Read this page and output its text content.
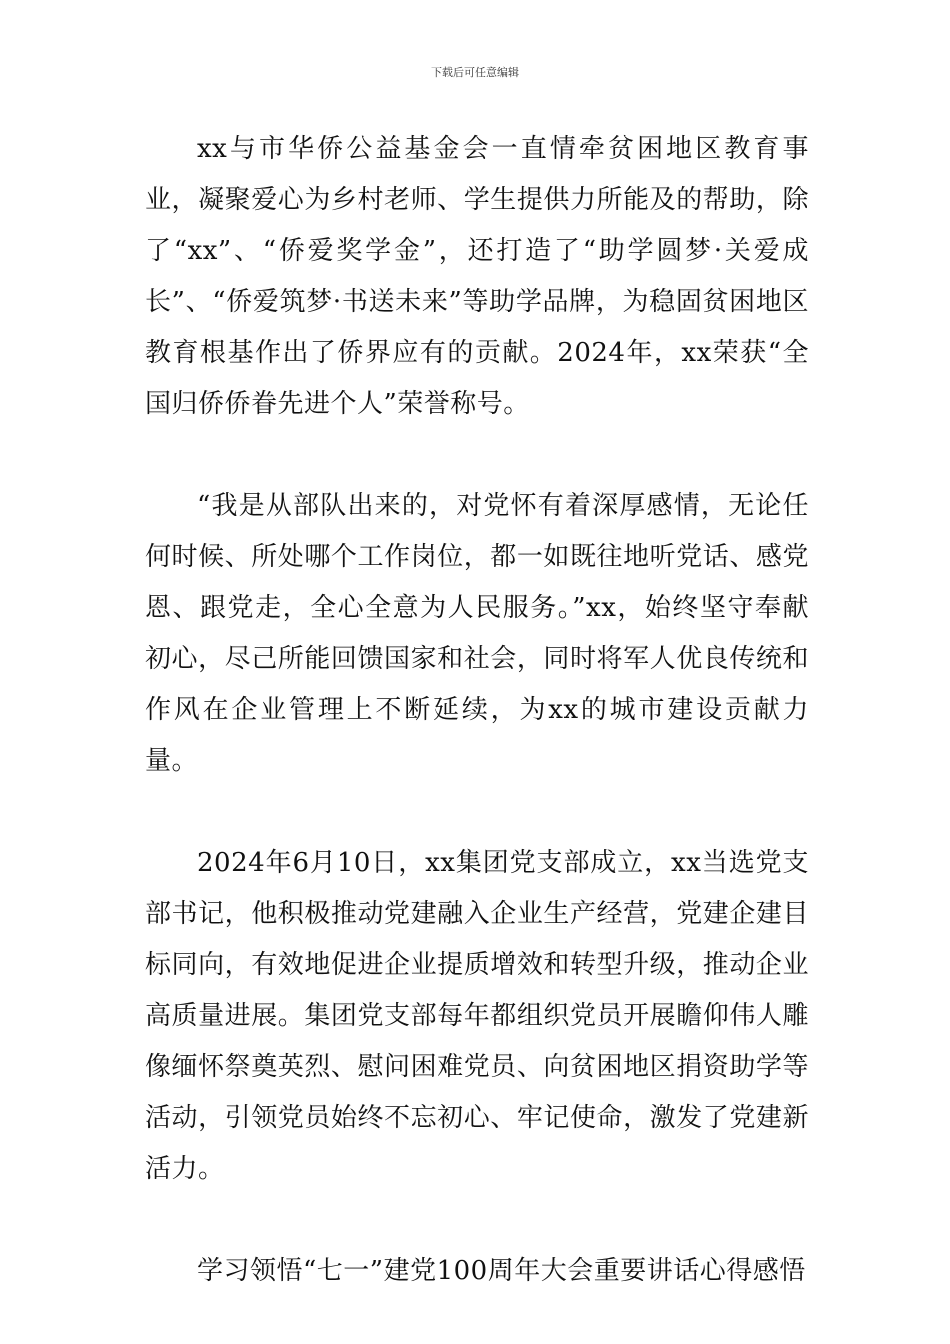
下载后可任意编辑

xx与市华侨公益基金会一直情牵贫困地区教育事业，凝聚爱心为乡村老师、学生提供力所能及的帮助，除了“xx”、“侨爱奖学金”，还打造了“助学圆梦·关爱成长”、“侨爱筑梦·书送未来”等助学品牌，为稳固贫困地区教育根基作出了侨界应有的贡献。2024年，xx荣获“全国归侨侨眷先进个人”荣誉称号。

“我是从部队出来的，对党怀有着深厚感情，无论任何时候、所处哪个工作岗位，都一如既往地听党话、感党恩、跟党走，全心全意为人民服务。”xx，始终坚守奉献初心，尽己所能回馈国家和社会，同时将军人优良传统和作风在企业管理上不断延续，为xx的城市建设贡献力量。

2024年6月10日，xx集团党支部成立，xx当选党支部书记，他积极推动党建融入企业生产经营，党建企建目标同向，有效地促进企业提质增效和转型升级，推动企业高质量进展。集团党支部每年都组织党员开展瞻仰伟人雕像缅怀祭奠英烈、慰问困难党员、向贫困地区捐资助学等活动，引领党员始终不忘初心、牢记使命，激发了党建新活力。

学习领悟“七一”建党100周年大会重要讲话心得感悟
